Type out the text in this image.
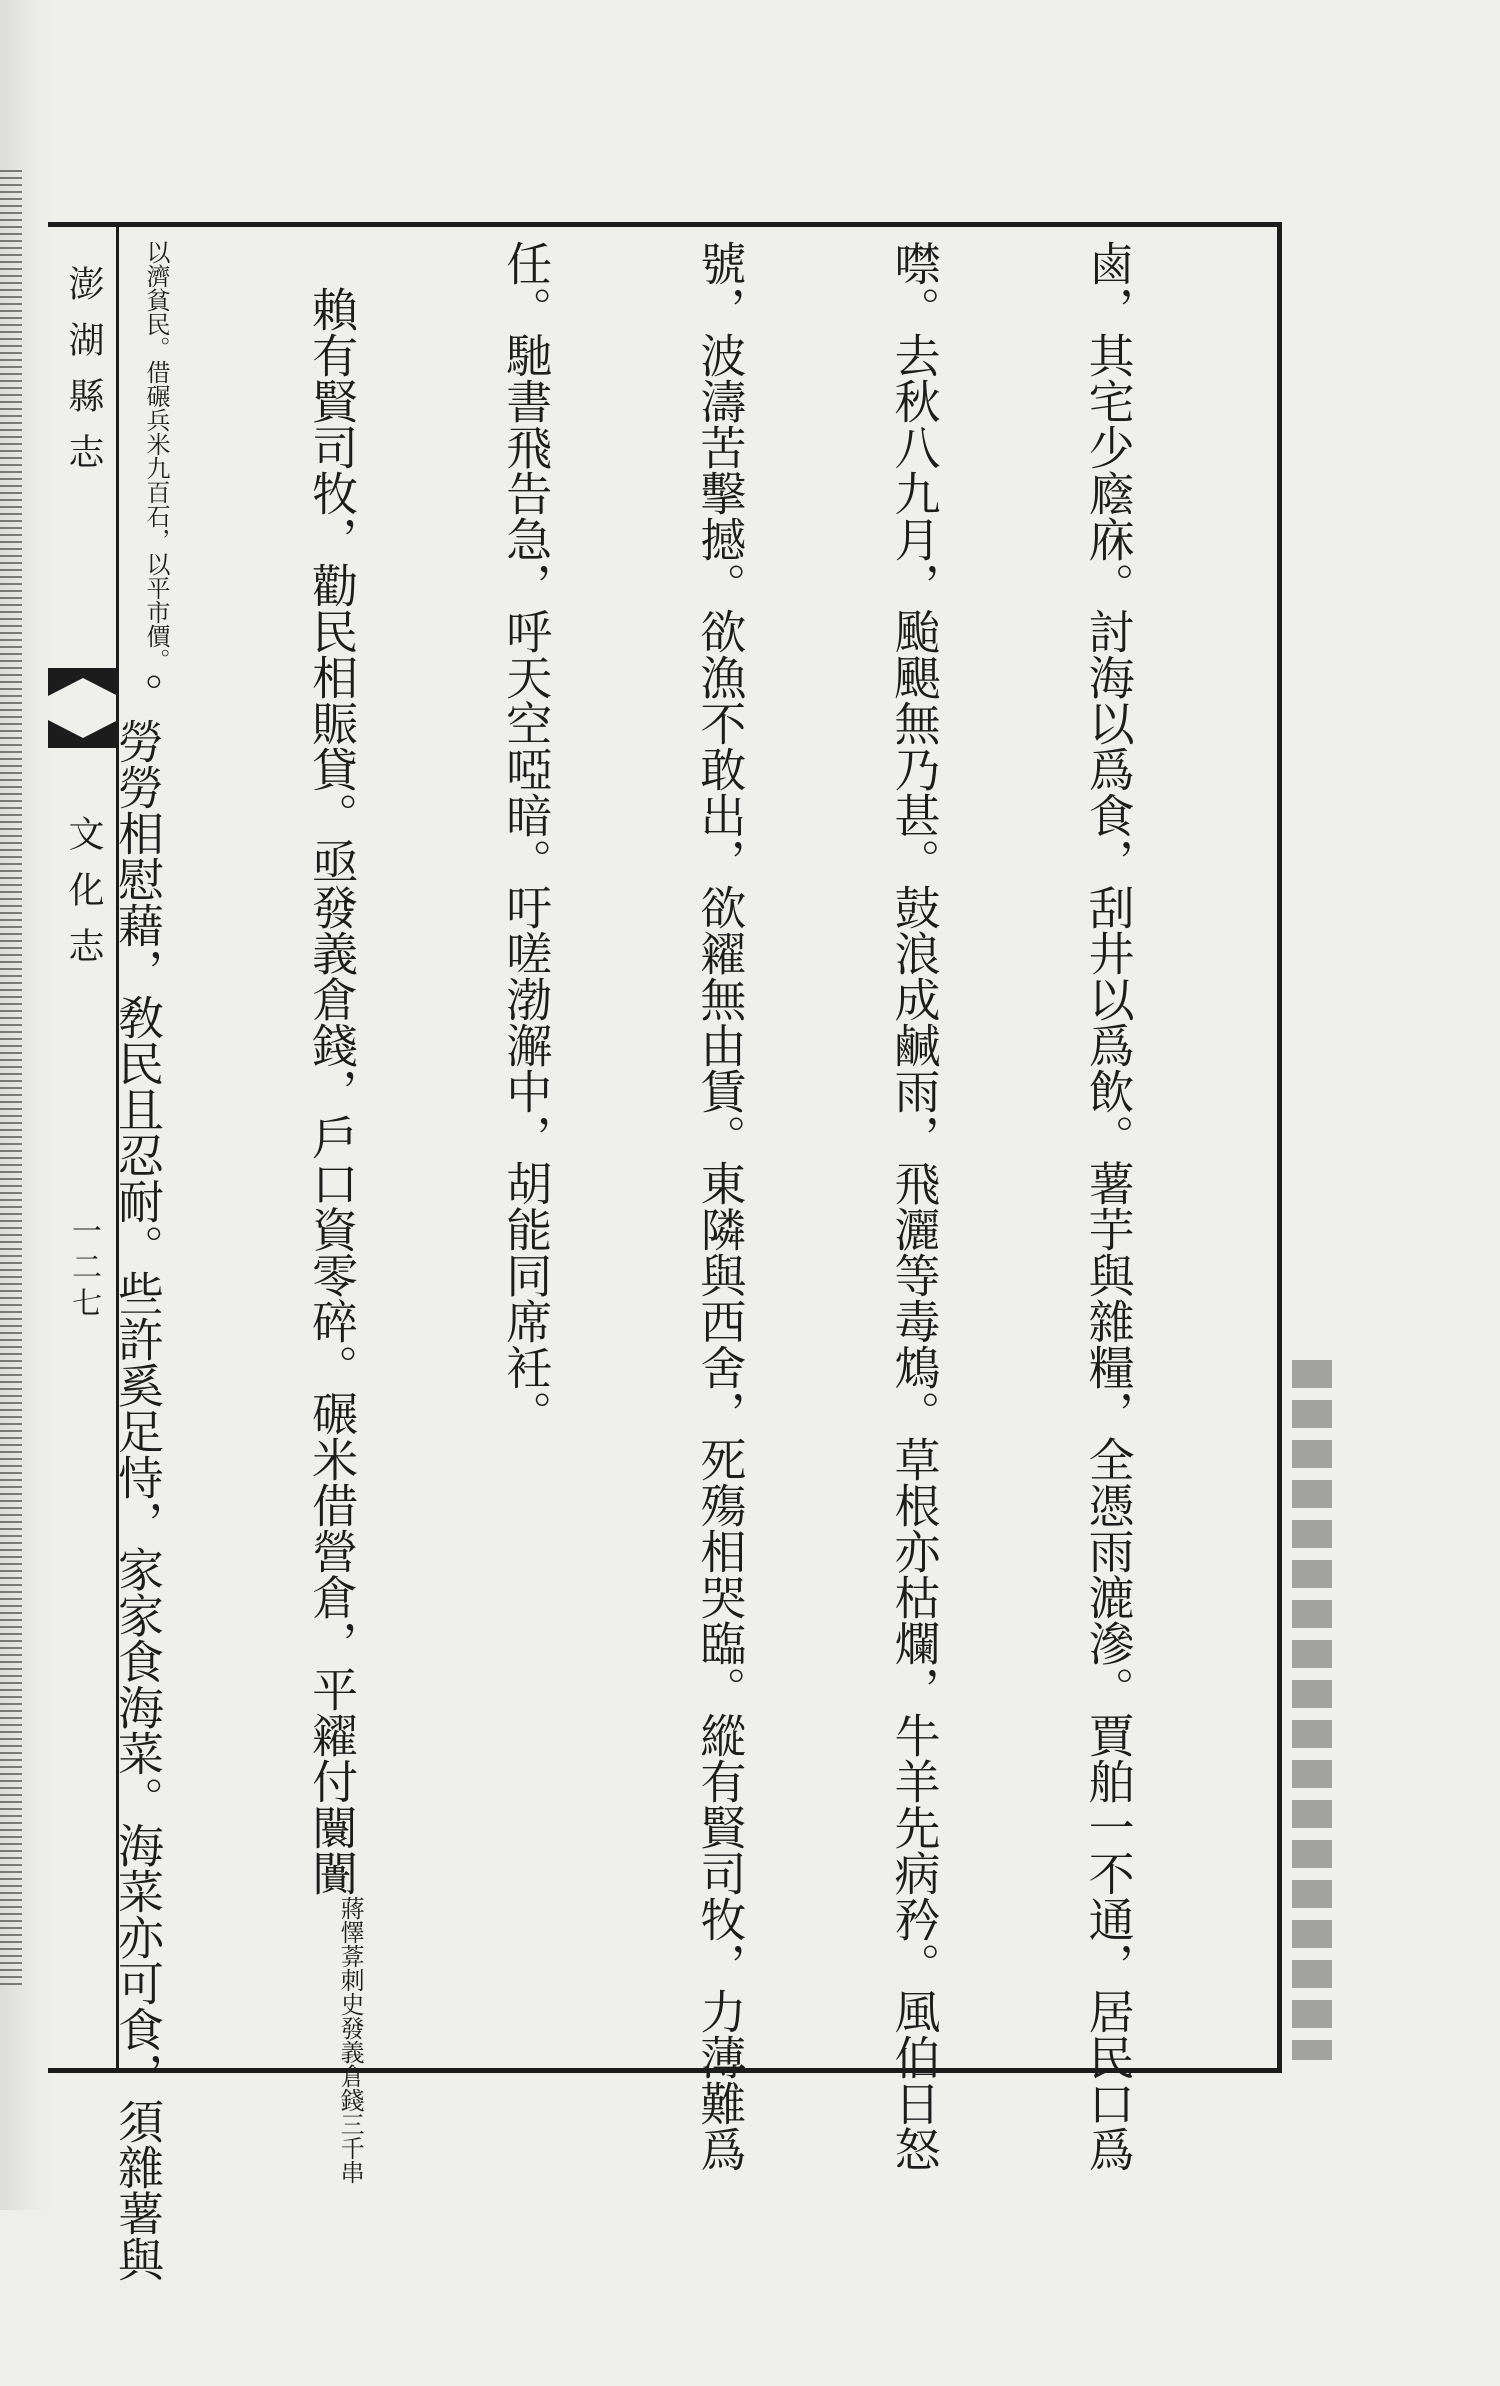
澎湖縣志
文化志
一二七

	鹵，其宅少廕庥。討海以爲食，刮井以爲飲。薯芋與雜糧，全憑雨漉滲。賈舶一不通，居民口爲

噤。去秋八九月，颱颶無乃甚。鼓浪成鹹雨，飛灑等毒鴆。草根亦枯爛，牛羊先病矜。風伯日怒

號，波濤苦擊撼。欲漁不敢出，欲糴無由賃。東隣與西舍，死殤相哭臨。縱有賢司牧，力薄難爲

任。馳書飛告急，呼天空啞暗。吁嗟渤澥中，胡能同席衽。

　賴有賢司牧，勸民相賑貸。亟發義倉錢，戶口資零碎。碾米借營倉，平糴付闤闠蔣懌葊刺史發義倉錢三千串

以濟貧民。借碾兵米九百石，以平市價。。勞勞相慰藉，敎民且忍耐。些許奚足恃，家家食海菜。海菜亦可食，須雜薯與
